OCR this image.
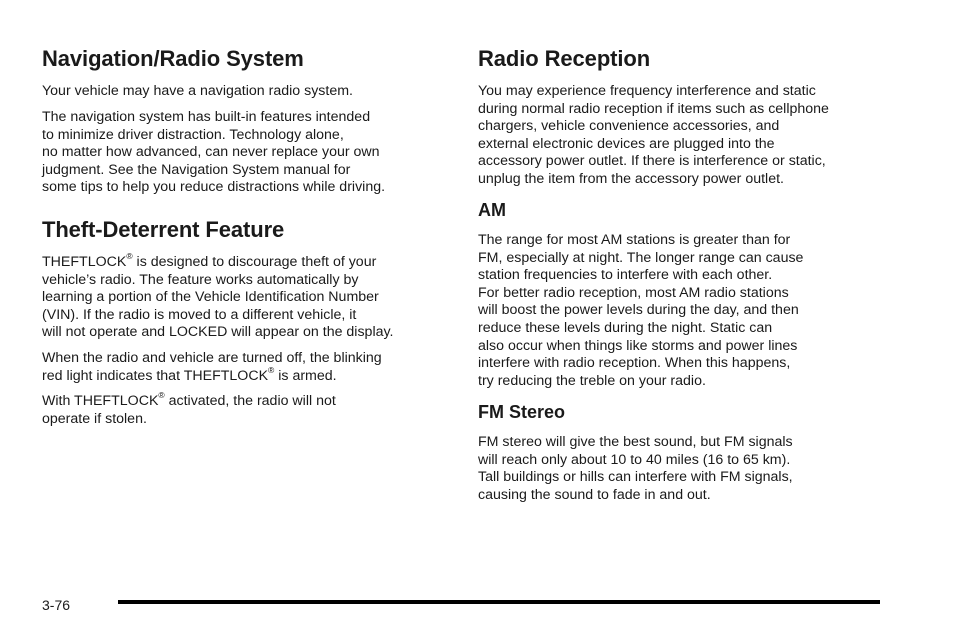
Navigation/Radio System

Your vehicle may have a navigation radio system.

The navigation system has built-in features intended
to minimize driver distraction. Technology alone,
no matter how advanced, can never replace your own
judgment. See the Navigation System manual for
some tips to help you reduce distractions while driving.

Theft-Deterrent Feature

THEFTLOCK® is designed to discourage theft of your
vehicle’s radio. The feature works automatically by
learning a portion of the Vehicle Identification Number
(VIN). If the radio is moved to a different vehicle, it
will not operate and LOCKED will appear on the display.

When the radio and vehicle are turned off, the blinking
red light indicates that THEFTLOCK® is armed.

With THEFTLOCK® activated, the radio will not
operate if stolen.

Radio Reception

You may experience frequency interference and static
during normal radio reception if items such as cellphone
chargers, vehicle convenience accessories, and
external electronic devices are plugged into the
accessory power outlet. If there is interference or static,
unplug the item from the accessory power outlet.

AM

The range for most AM stations is greater than for
FM, especially at night. The longer range can cause
station frequencies to interfere with each other.
For better radio reception, most AM radio stations
will boost the power levels during the day, and then
reduce these levels during the night. Static can
also occur when things like storms and power lines
interfere with radio reception. When this happens,
try reducing the treble on your radio.

FM Stereo

FM stereo will give the best sound, but FM signals
will reach only about 10 to 40 miles (16 to 65 km).
Tall buildings or hills can interfere with FM signals,
causing the sound to fade in and out.

3-76
